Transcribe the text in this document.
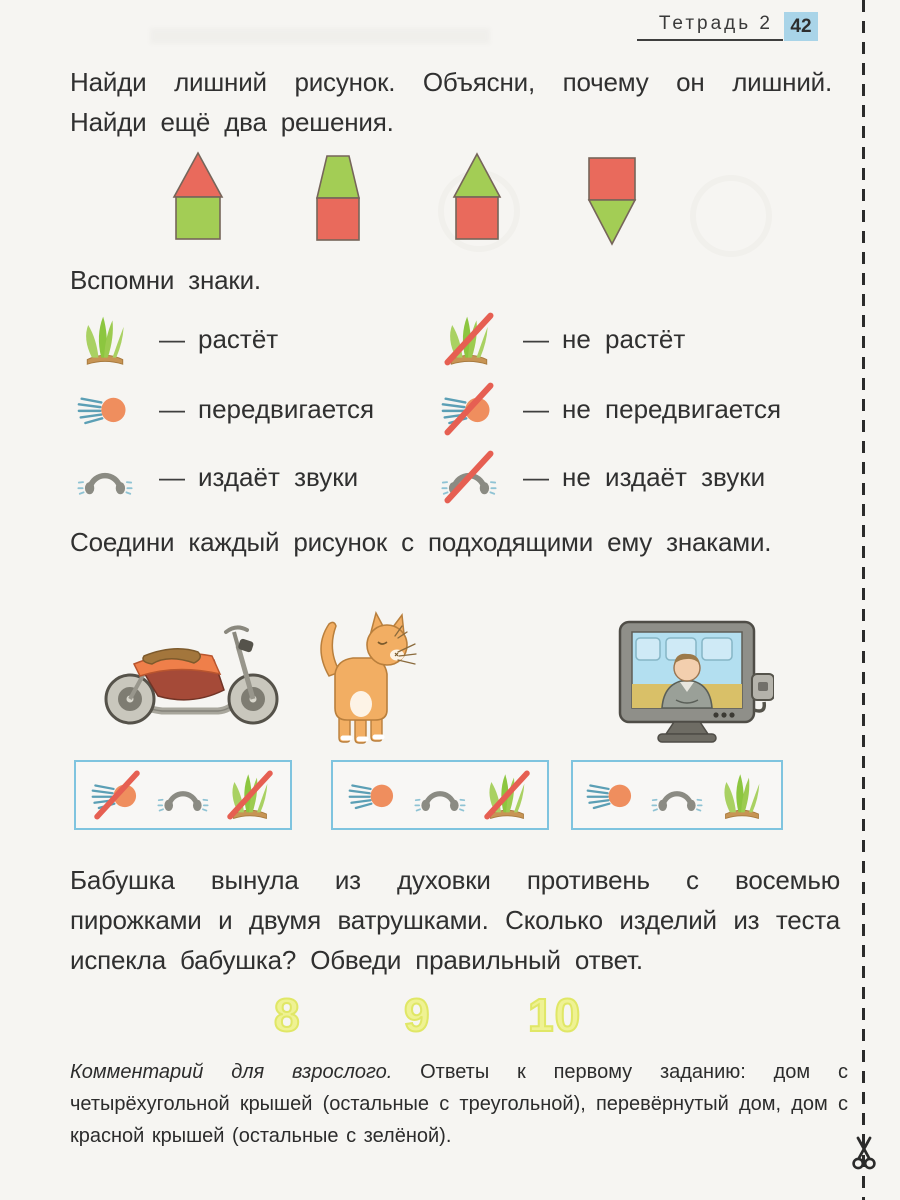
Тетрадь 2 42

Найди лишний рисунок. Объясни, почему он лишний. Найди ещё два решения.

Вспомни знаки.

— растёт
— передвигается
— издаёт звуки
— не растёт
— не передвигается
— не издаёт звуки

Соедини каждый рисунок с подходящими ему знаками.

Бабушка вынула из духовки противень с восемью пирожками и двумя ватрушками. Сколько изделий из теста испекла бабушка? Обведи правильный ответ.

8 9 10

Комментарий для взрослого. Ответы к первому заданию: дом с четырёхугольной крышей (остальные с треугольной), перевёрнутый дом, дом с красной крышей (остальные с зелёной).
